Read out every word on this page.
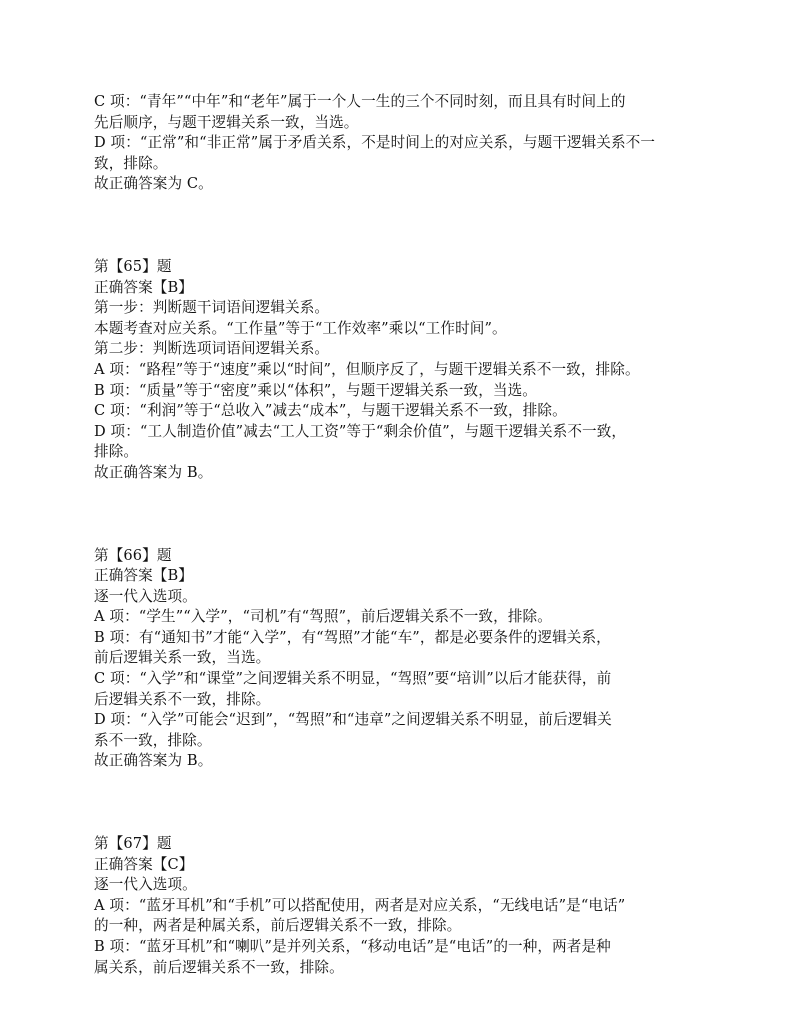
C 项：“青年”“中年”和“老年”属于一个人一生的三个不同时刻，而且具有时间上的
先后顺序，与题干逻辑关系一致，当选。
D 项：“正常”和“非正常”属于矛盾关系，不是时间上的对应关系，与题干逻辑关系不一
致，排除。
故正确答案为 C。
第【65】题
正确答案【B】
第一步：判断题干词语间逻辑关系。
本题考查对应关系。“工作量”等于“工作效率”乘以“工作时间”。
第二步：判断选项词语间逻辑关系。
A 项：“路程”等于“速度”乘以“时间”，但顺序反了，与题干逻辑关系不一致，排除。
B 项：“质量”等于“密度”乘以“体积”，与题干逻辑关系一致，当选。
C 项：“利润”等于“总收入”减去“成本”，与题干逻辑关系不一致，排除。
D 项：“工人制造价值”减去“工人工资”等于“剩余价值”，与题干逻辑关系不一致，
排除。
故正确答案为 B。
第【66】题
正确答案【B】
逐一代入选项。
A 项：“学生”“入学”，“司机”有“驾照”，前后逻辑关系不一致，排除。
B 项：有“通知书”才能“入学”，有“驾照”才能“车”，都是必要条件的逻辑关系，
前后逻辑关系一致，当选。
C 项：“入学”和“课堂”之间逻辑关系不明显，“驾照”要“培训”以后才能获得，前
后逻辑关系不一致，排除。
D 项：“入学”可能会“迟到”，“驾照”和“违章”之间逻辑关系不明显，前后逻辑关
系不一致，排除。
故正确答案为 B。
第【67】题
正确答案【C】
逐一代入选项。
A 项：“蓝牙耳机”和“手机”可以搭配使用，两者是对应关系，“无线电话”是“电话”
的一种，两者是种属关系，前后逻辑关系不一致，排除。
B 项：“蓝牙耳机”和“喇叭”是并列关系，“移动电话”是“电话”的一种，两者是种
属关系，前后逻辑关系不一致，排除。
